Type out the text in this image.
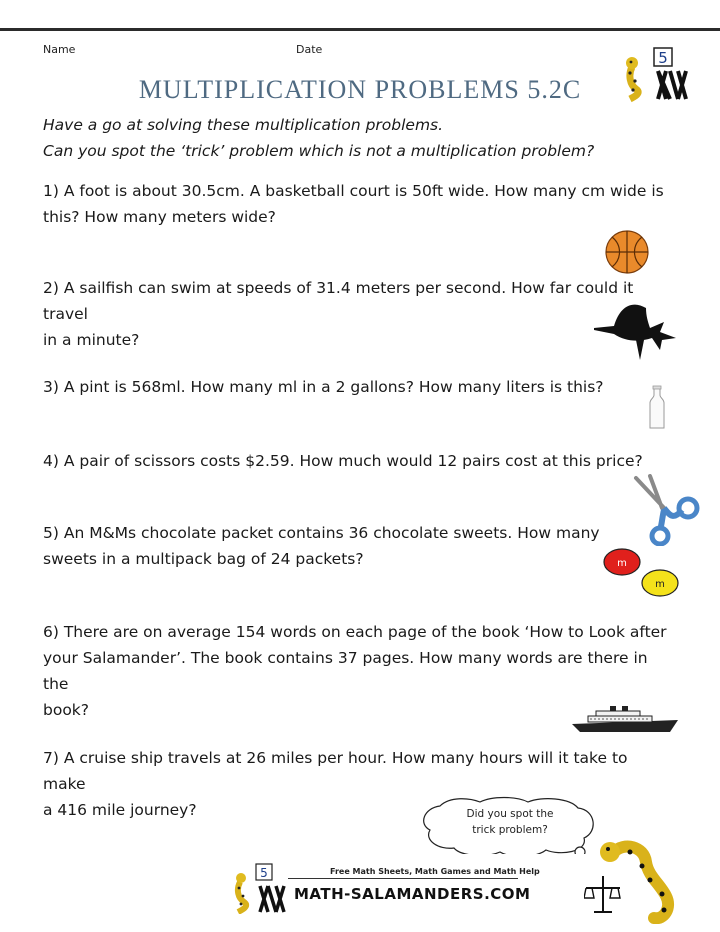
Name	Date	5
MULTIPLICATION PROBLEMS 5.2C
Have a go at solving these multiplication problems.
Can you spot the ‘trick’ problem which is not a multiplication problem?
1) A foot is about 30.5cm. A basketball court is 50ft wide. How many cm wide is
this? How many meters wide?
2) A sailfish can swim at speeds of 31.4 meters per second. How far could it travel
in a minute?
3) A pint is 568ml. How many ml in a 2 gallons? How many liters is this?
4) A pair of scissors costs $2.59. How much would 12 pairs cost at this price?
5) An M&Ms chocolate packet contains 36 chocolate sweets. How many
sweets in a multipack bag of 24 packets?	m
m
6) There are on average 154 words on each page of the book ‘How to Look after
your Salamander’. The book contains 37 pages. How many words are there in the
book?
7) A cruise ship travels at 26 miles per hour. How many hours will it take to make
a 416 mile journey?	Did you spot the
trick problem?
5	Free Math Sheets, Math Games and Math Help
MATH-SALAMANDERS.COM
